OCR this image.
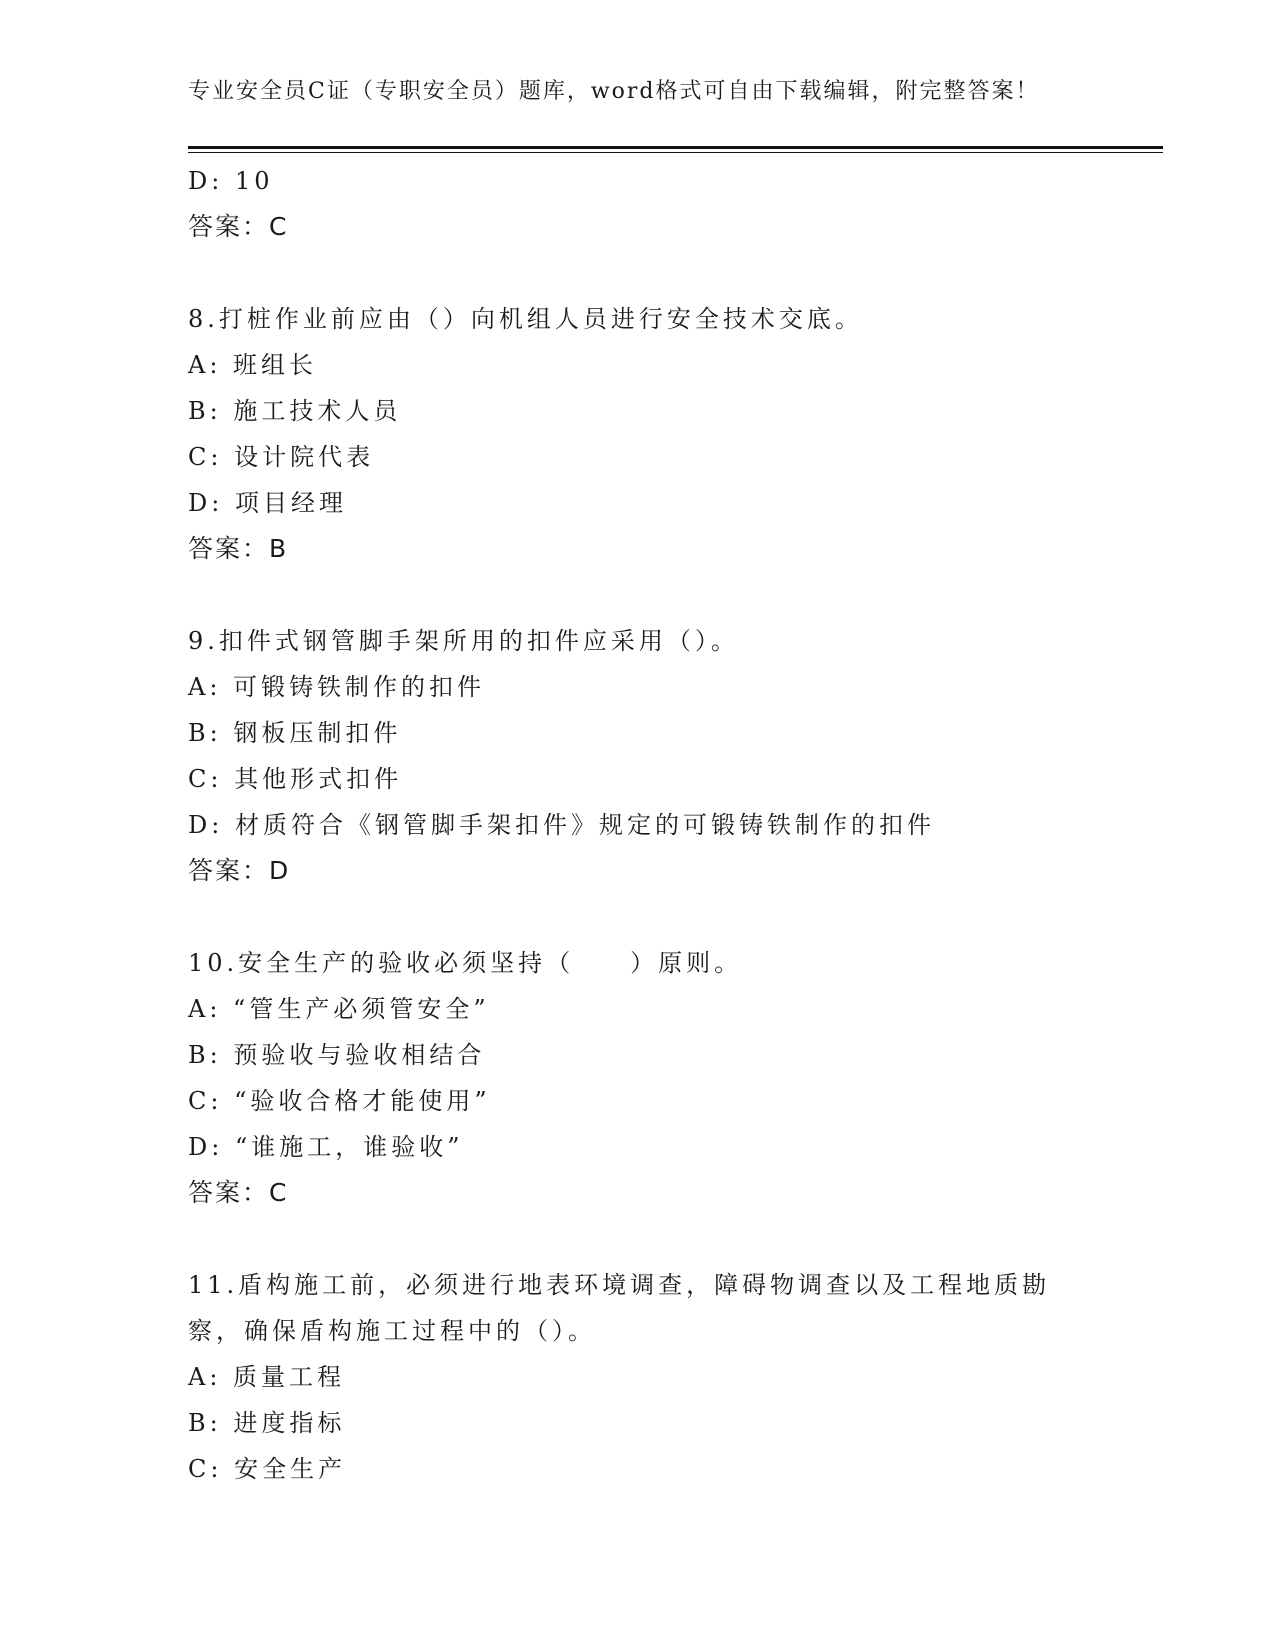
专业安全员C证（专职安全员）题库，word格式可自由下载编辑，附完整答案！
D: 10
答案：C
8.打桩作业前应由（）向机组人员进行安全技术交底。
A: 班组长
B: 施工技术人员
C: 设计院代表
D: 项目经理
答案：B
9.扣件式钢管脚手架所用的扣件应采用（）。
A: 可锻铸铁制作的扣件
B: 钢板压制扣件
C: 其他形式扣件
D: 材质符合《钢管脚手架扣件》规定的可锻铸铁制作的扣件
答案：D
10.安全生产的验收必须坚持（　　）原则。
A: “管生产必须管安全”
B: 预验收与验收相结合
C: “验收合格才能使用”
D: “谁施工，谁验收”
答案：C
11.盾构施工前，必须进行地表环境调查，障碍物调查以及工程地质勘
察，确保盾构施工过程中的（）。
A: 质量工程
B: 进度指标
C: 安全生产
